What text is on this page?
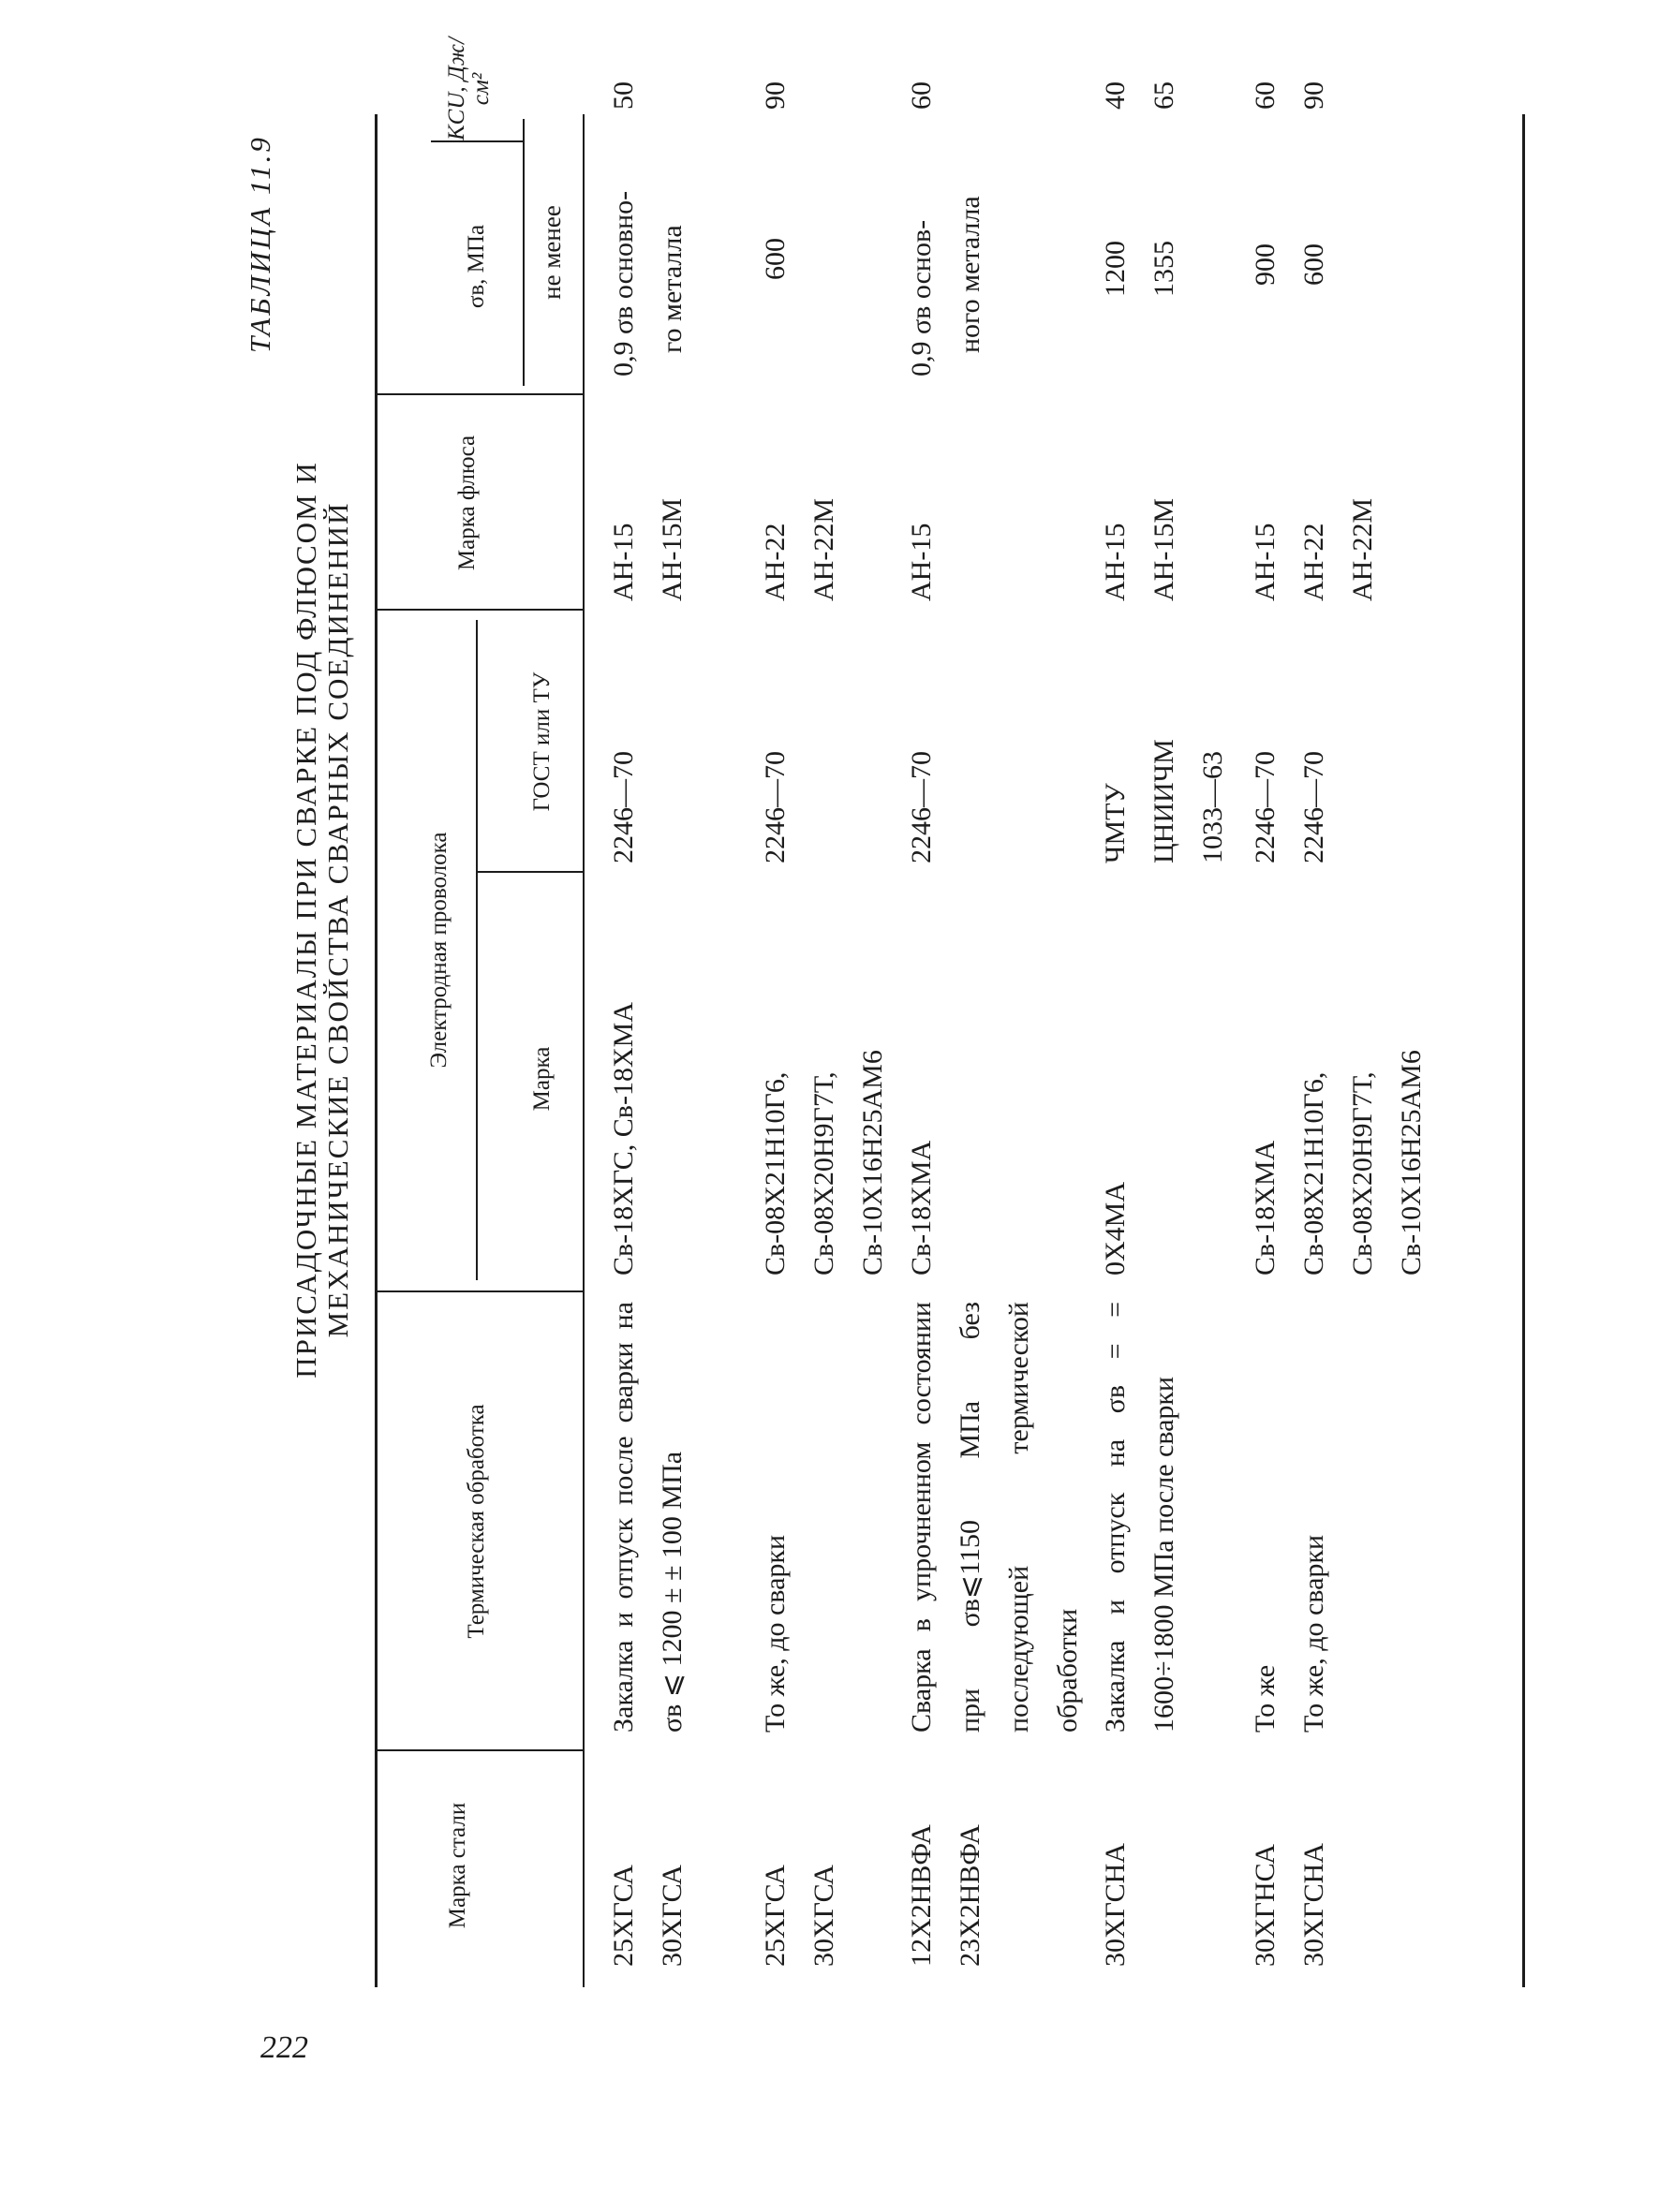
222
ТАБЛИЦА 11.9
ПРИСАДОЧНЫЕ МАТЕРИАЛЫ ПРИ СВАРКЕ ПОД ФЛЮСОМ И МЕХАНИЧЕСКИЕ СВОЙСТВА СВАРНЫХ СОЕДИНЕНИЙ
Марка стали
Термическая обработка
Электродная проволока
Марка
ГОСТ или ТУ
Марка флюса
σв, МПа
KCU, Дж/см²
не менее
25ХГСА 30ХГСА
Закалка и отпуск после сварки на σв ⩽ 1200 ± ± 100 МПа
Св-18ХГС, Св-18ХМА
2246—70
АН-15 АН-15М
0,9 σв основно- го металла
50
25ХГСА 30ХГСА
То же, до сварки
Св-08Х21Н10Г6, Св-08Х20Н9Г7Т, Св-10Х16Н25АМ6
2246—70
АН-22 АН-22М
600
90
12Х2НВФА 23Х2НВФА
Сварка в упрочненном состоянии при σв⩽1150 МПа без последующей термической обработки
Св-18ХМА
2246—70
АН-15
0,9 σв основ- ного металла
60
30ХГСНА
Закалка и отпуск на σв = = 1600÷1800 МПа после сварки
0Х4МА
ЧМТУ ЦНИИЧМ 1033—63
АН-15 АН-15М
1200 1355
40 65
30ХГНСА 30ХГСНА
То же То же, до сварки
Св-18ХМА Св-08Х21Н10Г6, Св-08Х20Н9Г7Т, Св-10Х16Н25АМ6
2246—70 2246—70
АН-15 АН-22 АН-22М
900 600
60 90
